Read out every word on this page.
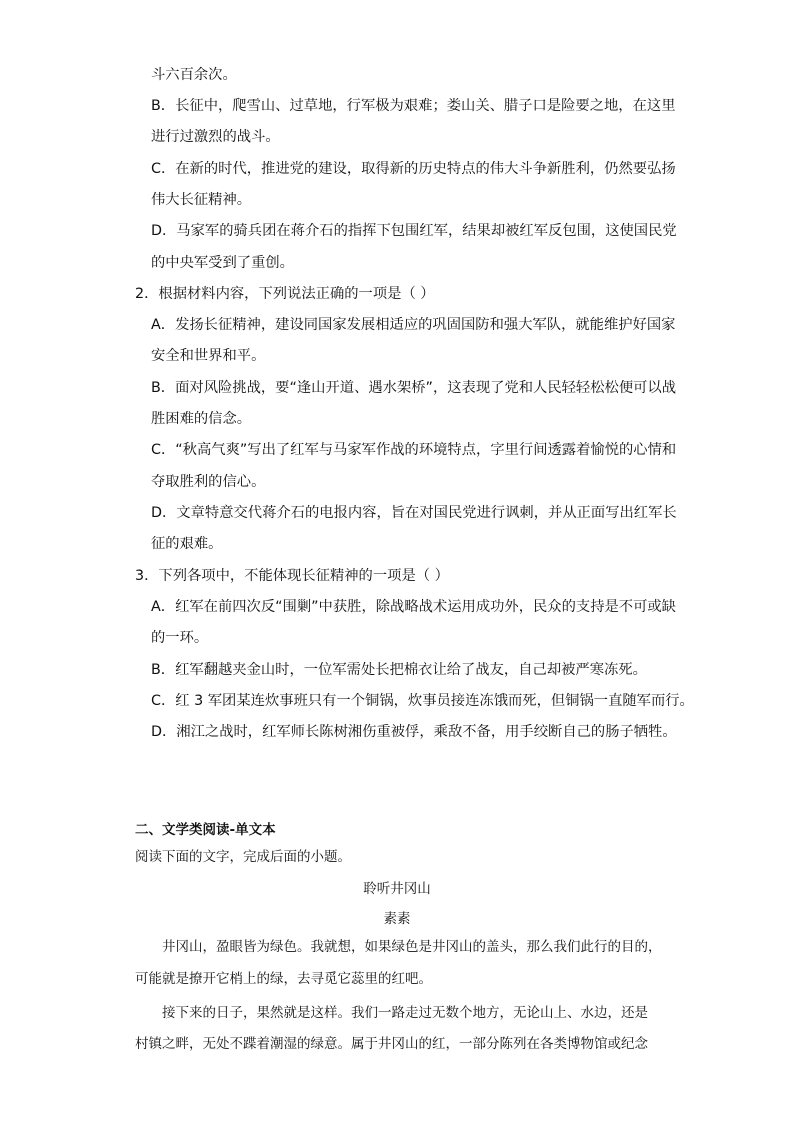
斗六百余次。
B．长征中，爬雪山、过草地，行军极为艰难；娄山关、腊子口是险要之地，在这里
进行过激烈的战斗。
C．在新的时代，推进党的建设，取得新的历史特点的伟大斗争新胜利，仍然要弘扬
伟大长征精神。
D．马家军的骑兵团在蒋介石的指挥下包围红军，结果却被红军反包围，这使国民党
的中央军受到了重创。
2．根据材料内容，下列说法正确的一项是（ ）
A．发扬长征精神，建设同国家发展相适应的巩固国防和强大军队，就能维护好国家
安全和世界和平。
B．面对风险挑战，要“逢山开道、遇水架桥”，这表现了党和人民轻轻松松便可以战
胜困难的信念。
C．“秋高气爽”写出了红军与马家军作战的环境特点，字里行间透露着愉悦的心情和
夺取胜利的信心。
D．文章特意交代蒋介石的电报内容，旨在对国民党进行讽刺，并从正面写出红军长
征的艰难。
3．下列各项中，不能体现长征精神的一项是（ ）
A．红军在前四次反“围剿”中获胜，除战略战术运用成功外，民众的支持是不可或缺
的一环。
B．红军翻越夹金山时，一位军需处长把棉衣让给了战友，自己却被严寒冻死。
C．红 3 军团某连炊事班只有一个铜锅，炊事员接连冻饿而死，但铜锅一直随军而行。
D．湘江之战时，红军师长陈树湘伤重被俘，乘敌不备，用手绞断自己的肠子牺牲。
二、文学类阅读-单文本
阅读下面的文字，完成后面的小题。
聆听井冈山
素素
井冈山，盈眼皆为绿色。我就想，如果绿色是井冈山的盖头，那么我们此行的目的，
可能就是撩开它梢上的绿，去寻觅它蕊里的红吧。
接下来的日子，果然就是这样。我们一路走过无数个地方，无论山上、水边，还是
村镇之畔，无处不蹀着潮湿的绿意。属于井冈山的红，一部分陈列在各类博物馆或纪念
